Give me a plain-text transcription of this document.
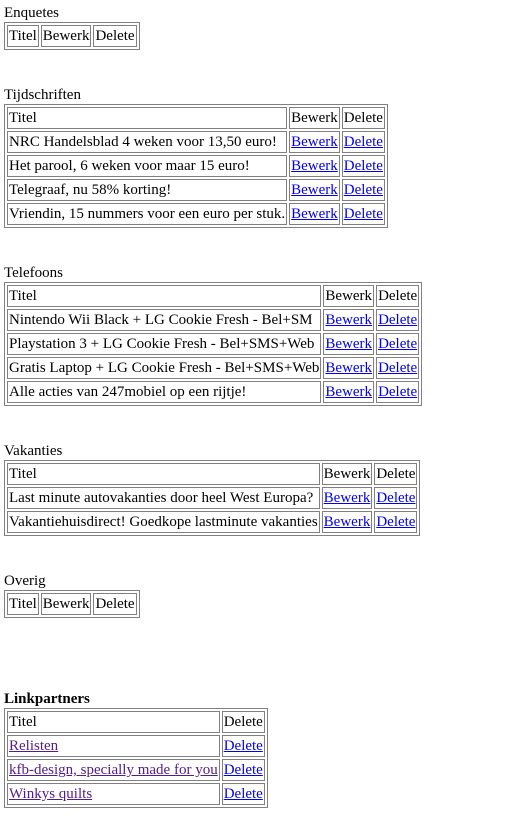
Enquetes
Titel	Bewerk	Delete
Tijdschriften
Titel	Bewerk	Delete
NRC Handelsblad 4 weken voor 13,50 euro!	Bewerk	Delete
Het parool, 6 weken voor maar 15 euro!	Bewerk	Delete
Telegraaf, nu 58% korting!	Bewerk	Delete
Vriendin, 15 nummers voor een euro per stuk.	Bewerk	Delete
Telefoons
Titel	Bewerk	Delete
Nintendo Wii Black + LG Cookie Fresh - Bel+SM	Bewerk	Delete
Playstation 3 + LG Cookie Fresh - Bel+SMS+Web	Bewerk	Delete
Gratis Laptop + LG Cookie Fresh - Bel+SMS+Web	Bewerk	Delete
Alle acties van 247mobiel op een rijtje!	Bewerk	Delete
Vakanties
Titel	Bewerk	Delete
Last minute autovakanties door heel West Europa?	Bewerk	Delete
Vakantiehuisdirect! Goedkope lastminute vakanties	Bewerk	Delete
Overig
Titel	Bewerk	Delete
Linkpartners
Titel	Delete
Relisten	Delete
kfb-design, specially made for you	Delete
Winkys quilts	Delete
